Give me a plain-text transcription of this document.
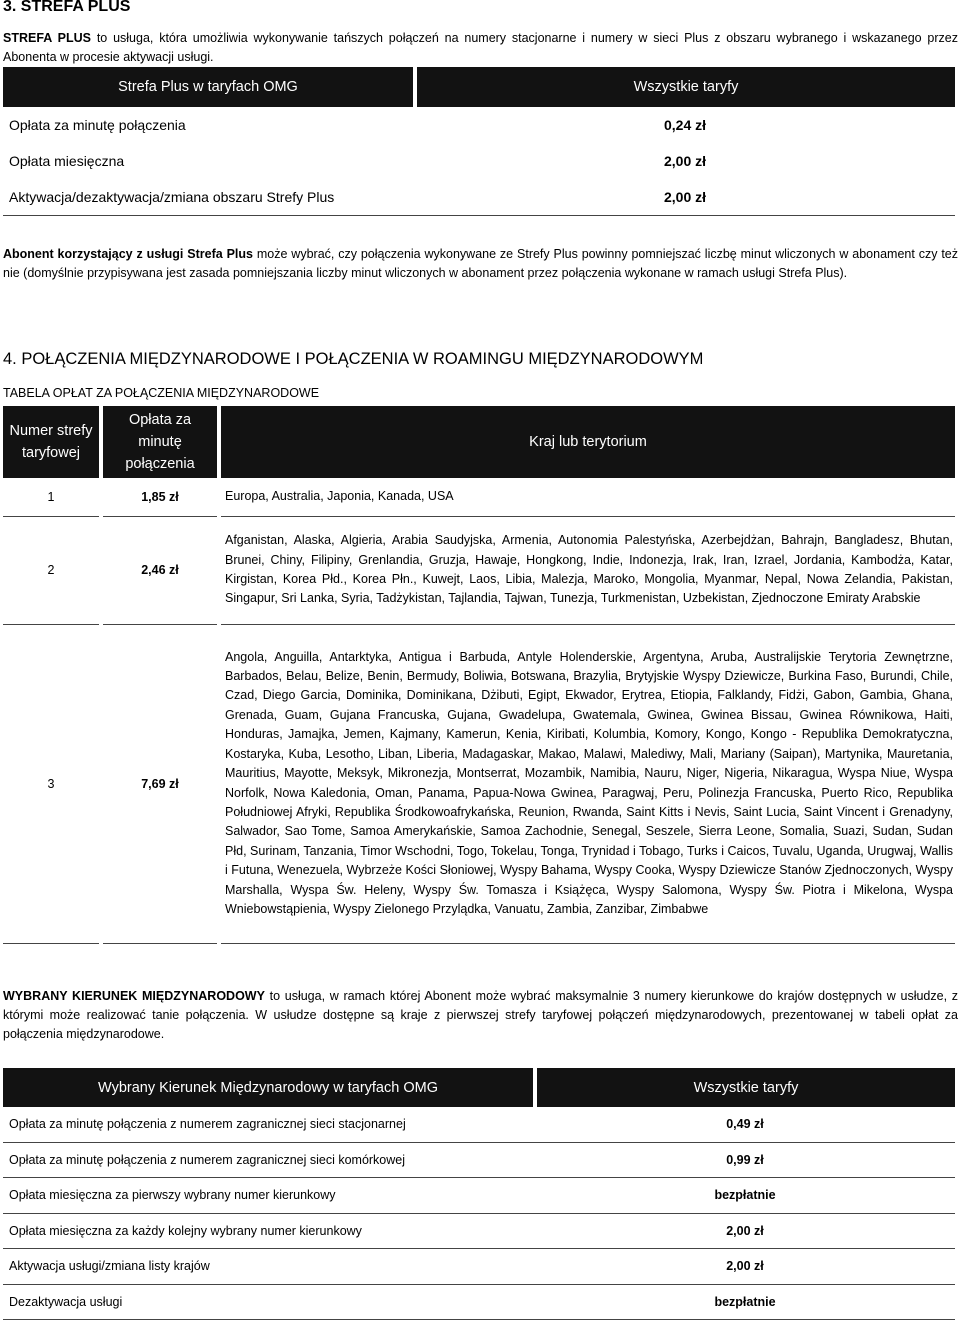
3. STREFA PLUS
STREFA PLUS to usługa, która umożliwia wykonywanie tańszych połączeń na numery stacjonarne i numery w sieci Plus z obszaru wybranego i wskazanego przez Abonenta w procesie aktywacji usługi.
Strefa Plus w taryfach OMG	Wszystkie taryfy
Opłata za minutę połączenia	0,24 zł
Opłata miesięczna	2,00 zł
Aktywacja/dezaktywacja/zmiana obszaru Strefy Plus	2,00 zł
Abonent korzystający z usługi Strefa Plus może wybrać, czy połączenia wykonywane ze Strefy Plus powinny pomniejszać liczbę minut wliczonych w abonament czy też nie (domyślnie przypisywana jest zasada pomniejszania liczby minut wliczonych w abonament przez połączenia wykonane w ramach usługi Strefa Plus).
4. POŁĄCZENIA MIĘDZYNARODOWE I POŁĄCZENIA W ROAMINGU MIĘDZYNARODOWYM
TABELA OPŁAT ZA POŁĄCZENIA MIĘDZYNARODOWE
Numer strefy taryfowej	Opłata za minutę połączenia	Kraj lub terytorium
1	1,85 zł	Europa, Australia, Japonia, Kanada, USA
2	2,46 zł	Afganistan, Alaska, Algieria, Arabia Saudyjska, Armenia, Autonomia Palestyńska, Azerbejdżan, Bahrajn, Bangladesz, Bhutan, Brunei, Chiny, Filipiny, Grenlandia, Gruzja, Hawaje, Hongkong, Indie, Indonezja, Irak, Iran, Izrael, Jordania, Kambodża, Katar, Kirgistan, Korea Płd., Korea Płn., Kuwejt, Laos, Libia, Malezja, Maroko, Mongolia, Myanmar, Nepal, Nowa Zelandia, Pakistan, Singapur, Sri Lanka, Syria, Tadżykistan, Tajlandia, Tajwan, Tunezja, Turkmenistan, Uzbekistan, Zjednoczone Emiraty Arabskie
3	7,69 zł	Angola, Anguilla, Antarktyka, Antigua i Barbuda, Antyle Holenderskie, Argentyna, Aruba, Australijskie Terytoria Zewnętrzne, Barbados, Belau, Belize, Benin, Bermudy, Boliwia, Botswana, Brazylia, Brytyjskie Wyspy Dziewicze, Burkina Faso, Burundi, Chile, Czad, Diego Garcia, Dominika, Dominikana, Dżibuti, Egipt, Ekwador, Erytrea, Etiopia, Falklandy, Fidżi, Gabon, Gambia, Ghana, Grenada, Guam, Gujana Francuska, Gujana, Gwadelupa, Gwatemala, Gwinea, Gwinea Bissau, Gwinea Równikowa, Haiti, Honduras, Jamajka, Jemen, Kajmany, Kamerun, Kenia, Kiribati, Kolumbia, Komory, Kongo, Kongo - Republika Demokratyczna, Kostaryka, Kuba, Lesotho, Liban, Liberia, Madagaskar, Makao, Malawi, Malediwy, Mali, Mariany (Saipan), Martynika, Mauretania, Mauritius, Mayotte, Meksyk, Mikronezja, Montserrat, Mozambik, Namibia, Nauru, Niger, Nigeria, Nikaragua, Wyspa Niue, Wyspa Norfolk, Nowa Kaledonia, Oman, Panama, Papua-Nowa Gwinea, Paragwaj, Peru, Polinezja Francuska, Puerto Rico, Republika Południowej Afryki, Republika Środkowoafrykańska, Reunion, Rwanda, Saint Kitts i Nevis, Saint Lucia, Saint Vincent i Grenadyny, Salwador, Sao Tome, Samoa Amerykańskie, Samoa Zachodnie, Senegal, Seszele, Sierra Leone, Somalia, Suazi, Sudan, Sudan Płd, Surinam, Tanzania, Timor Wschodni, Togo, Tokelau, Tonga, Trynidad i Tobago, Turks i Caicos, Tuvalu, Uganda, Urugwaj, Wallis i Futuna, Wenezuela, Wybrzeże Kości Słoniowej, Wyspy Bahama, Wyspy Cooka, Wyspy Dziewicze Stanów Zjednoczonych, Wyspy Marshalla, Wyspa Św. Heleny, Wyspy Św. Tomasza i Książęca, Wyspy Salomona, Wyspy Św. Piotra i Mikelona, Wyspa Wniebowstąpienia, Wyspy Zielonego Przylądka, Vanuatu, Zambia, Zanzibar, Zimbabwe
WYBRANY KIERUNEK MIĘDZYNARODOWY to usługa, w ramach której Abonent może wybrać maksymalnie 3 numery kierunkowe do krajów dostępnych w usłudze, z którymi może realizować tanie połączenia. W usłudze dostępne są kraje z pierwszej strefy taryfowej połączeń międzynarodowych, prezentowanej w tabeli opłat za połączenia międzynarodowe.
Wybrany Kierunek Międzynarodowy w taryfach OMG	Wszystkie taryfy
Opłata za minutę połączenia z numerem zagranicznej sieci stacjonarnej	0,49 zł
Opłata za minutę połączenia z numerem zagranicznej sieci komórkowej	0,99 zł
Opłata miesięczna za pierwszy wybrany numer kierunkowy	bezpłatnie
Opłata miesięczna za każdy kolejny wybrany numer kierunkowy	2,00 zł
Aktywacja usługi/zmiana listy krajów	2,00 zł
Dezaktywacja usługi	bezpłatnie
